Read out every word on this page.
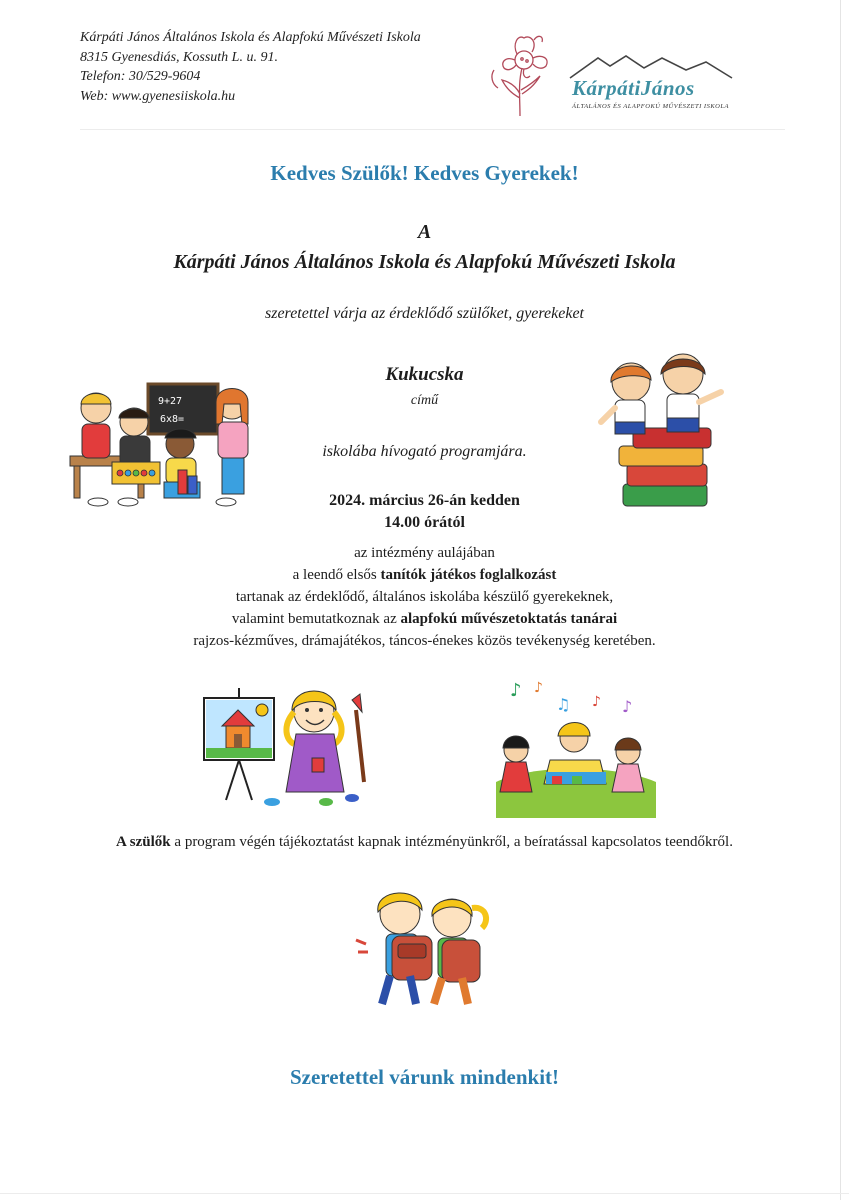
Kárpáti János Általános Iskola és Alapfokú Művészeti Iskola
8315 Gyenesdiás, Kossuth L. u. 91.
Telefon: 30/529-9604
Web: www.gyenesiiskola.hu	KárpátiJános
ÁLTALÁNOS ÉS ALAPFOKÚ MŰVÉSZETI ISKOLA
Kedves Szülők! Kedves Gyerekek!
A
Kárpáti János Általános Iskola és Alapfokú Művészeti Iskola
szeretettel várja az érdeklődő szülőket, gyerekeket
Kukucska
című
iskolába hívogató programjára.
2024. március 26-án kedden
14.00 órától
9+27
6x8=
az intézmény aulájában
a leendő elsős tanítók játékos foglalkozást
tartanak az érdeklődő, általános iskolába készülő gyerekeknek,
valamint bemutatkoznak az alapfokú művészetoktatás tanárai
rajzos-kézműves, drámajátékos, táncos-énekes közös tevékenység keretében.
♪ ♪
♫ ♪ ♪
A szülők a program végén tájékoztatást kapnak intézményünkről, a beíratással kapcsolatos teendőkről.
Szeretettel várunk mindenkit!
